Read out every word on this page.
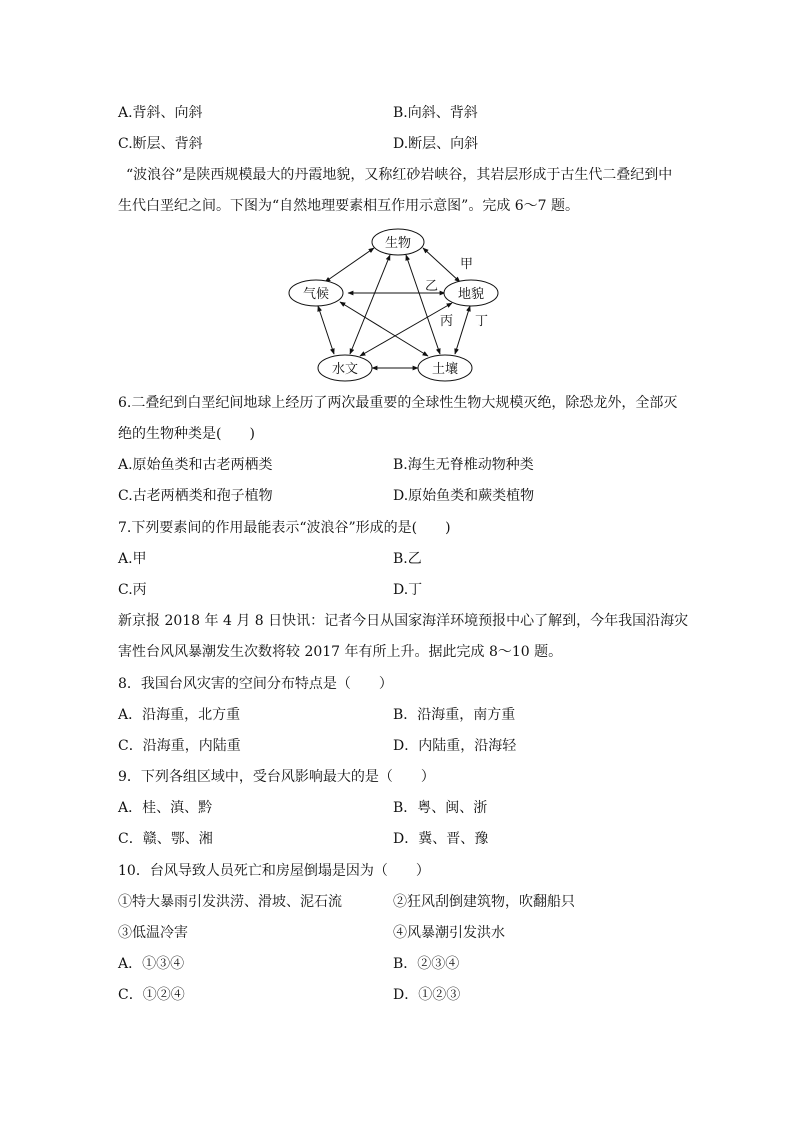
A.背斜、向斜	B.向斜、背斜
C.断层、背斜	D.断层、向斜
“波浪谷”是陕西规模最大的丹霞地貌，又称红砂岩峡谷，其岩层形成于古生代二叠纪到中
生代白垩纪之间。下图为“自然地理要素相互作用示意图”。完成 6～7 题。
生物
气候	地貌
水文	土壤
甲
乙
丙 丁
6.二叠纪到白垩纪间地球上经历了两次最重要的全球性生物大规模灭绝，除恐龙外，全部灭
绝的生物种类是(　　)
A.原始鱼类和古老两栖类	B.海生无脊椎动物种类
C.古老两栖类和孢子植物	D.原始鱼类和蕨类植物
7.下列要素间的作用最能表示“波浪谷”形成的是(　　)
A.甲	B.乙
C.丙	D.丁
新京报 2018 年 4 月 8 日快讯：记者今日从国家海洋环境预报中心了解到，今年我国沿海灾
害性台风风暴潮发生次数将较 2017 年有所上升。据此完成 8～10 题。
8．我国台风灾害的空间分布特点是（　　）
A．沿海重，北方重	B．沿海重，南方重
C．沿海重，内陆重	D．内陆重，沿海轻
9．下列各组区域中，受台风影响最大的是（　　）
A．桂、滇、黔	B．粤、闽、浙
C．赣、鄂、湘	D．冀、晋、豫
10．台风导致人员死亡和房屋倒塌是因为（　　）
①特大暴雨引发洪涝、滑坡、泥石流	②狂风刮倒建筑物，吹翻船只
③低温冷害	④风暴潮引发洪水
A．①③④	B．②③④
C．①②④	D．①②③
